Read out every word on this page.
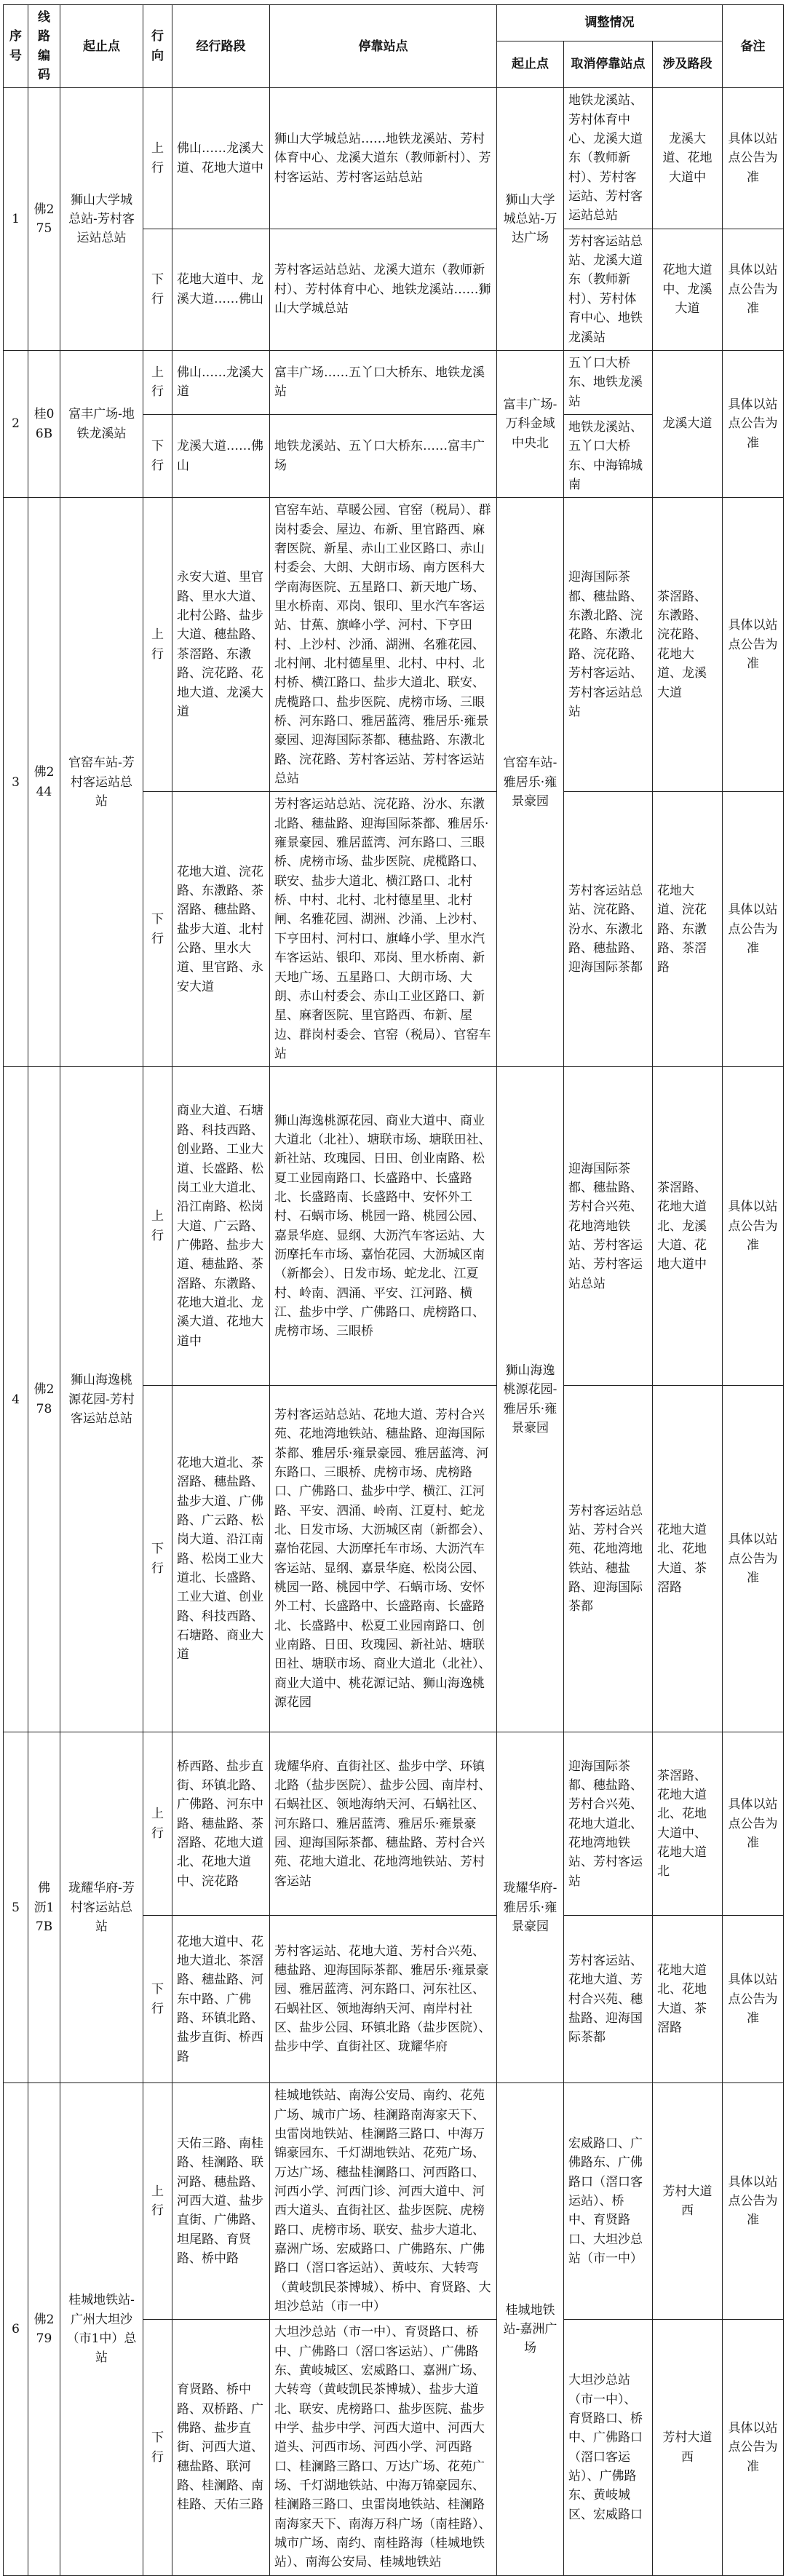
序号	线路编码	起止点	行向	经行路段	停靠站点	调整情况			备注
						起止点	取消停靠站点	涉及路段	
1	佛275	狮山大学城总站-芳村客运站总站	上行	佛山……龙溪大道、花地大道中	狮山大学城总站……地铁龙溪站、芳村体育中心、龙溪大道东（教师新村）、芳村客运站、芳村客运站总站	狮山大学城总站-万达广场	地铁龙溪站、芳村体育中心、龙溪大道东（教师新村）、芳村客运站、芳村客运站总站	龙溪大道、花地大道中	具体以站点公告为准
			下行	花地大道中、龙溪大道……佛山	芳村客运站总站、龙溪大道东（教师新村）、芳村体育中心、地铁龙溪站……狮山大学城总站		芳村客运站总站、龙溪大道东（教师新村）、芳村体育中心、地铁龙溪站	花地大道中、龙溪大道	具体以站点公告为准
2	桂06B	富丰广场-地铁龙溪站	上行	佛山……龙溪大道	富丰广场……五丫口大桥东、地铁龙溪站	富丰广场-万科金域中央北	五丫口大桥东、地铁龙溪站	龙溪大道	具体以站点公告为准
			下行	龙溪大道……佛山	地铁龙溪站、五丫口大桥东……富丰广场		地铁龙溪站、五丫口大桥东、中海锦城南		
3	佛244	官窑车站-芳村客运站总站	上行	永安大道、里官路、里水大道、北村公路、盐步大道、穗盐路、茶滘路、东漖路、浣花路、花地大道、龙溪大道	官窑车站、草暖公园、官窑（税局）、群岗村委会、屋边、布新、里官路西、麻奢医院、新星、赤山工业区路口、赤山村委会、大朗、大朗市场、南方医科大学南海医院、五星路口、新天地广场、里水桥南、邓岗、银印、里水汽车客运站、甘蕉、旗峰小学、河村、下亨田村、上沙村、沙涌、湖洲、名雅花园、北村闸、北村德星里、北村、中村、北村桥、横江路口、盐步大道北、联安、虎榄路口、盐步医院、虎榜市场、三眼桥、河东路口、雅居蓝湾、雅居乐·雍景豪园、迎海国际茶都、穗盐路、东漖北路、浣花路、芳村客运站、芳村客运站总站	官窑车站-雅居乐·雍景豪园	迎海国际茶都、穗盐路、东漖北路、浣花路、东漖北路、浣花路、芳村客运站、芳村客运站总站	茶滘路、东漖路、浣花路、花地大道、龙溪大道	具体以站点公告为准
			下行	花地大道、浣花路、东漖路、茶滘路、穗盐路、盐步大道、北村公路、里水大道、里官路、永安大道	芳村客运站总站、浣花路、汾水、东漖北路、穗盐路、迎海国际茶都、雅居乐·雍景豪园、雅居蓝湾、河东路口、三眼桥、虎榜市场、盐步医院、虎榄路口、联安、盐步大道北、横江路口、北村桥、中村、北村、北村德星里、北村闸、名雅花园、湖洲、沙涌、上沙村、下亨田村、河村口、旗峰小学、里水汽车客运站、银印、邓岗、里水桥南、新天地广场、五星路口、大朗市场、大朗、赤山村委会、赤山工业区路口、新星、麻奢医院、里官路西、布新、屋边、群岗村委会、官窑（税局）、官窑车站		芳村客运站总站、浣花路、汾水、东漖北路、穗盐路、迎海国际茶都	花地大道、浣花路、东漖路、茶滘路	具体以站点公告为准
4	佛278	狮山海逸桃源花园-芳村客运站总站	上行	商业大道、石塘路、科技西路、创业路、工业大道、长盛路、松岗工业大道北、沿江南路、松岗大道、广云路、广佛路、盐步大道、穗盐路、茶滘路、东漖路、花地大道北、龙溪大道、花地大道中	狮山海逸桃源花园、商业大道中、商业大道北（北社）、塘联市场、塘联田社、新社站、玫瑰园、日田、创业南路、松夏工业园南路口、长盛路中、长盛路北、长盛路南、长盛路中、安怀外工村、石蜗市场、桃园一路、桃园公园、嘉景华庭、显纲、大沥汽车客运站、大沥摩托车市场、嘉怡花园、大沥城区南（新都会）、日发市场、蛇龙北、江夏村、岭南、泗涌、平安、江河路、横江、盐步中学、广佛路口、虎榜路口、虎榜市场、三眼桥	狮山海逸桃源花园-雅居乐·雍景豪园	迎海国际茶都、穗盐路、芳村合兴苑、花地湾地铁站、芳村客运站、芳村客运站总站	茶滘路、花地大道北、龙溪大道、花地大道中	具体以站点公告为准
			下行	花地大道北、茶滘路、穗盐路、盐步大道、广佛路、广云路、松岗大道、沿江南路、松岗工业大道北、长盛路、工业大道、创业路、科技西路、石塘路、商业大道	芳村客运站总站、花地大道、芳村合兴苑、花地湾地铁站、穗盐路、迎海国际茶都、雅居乐·雍景豪园、雅居蓝湾、河东路口、三眼桥、虎榜市场、虎榜路口、广佛路口、盐步中学、横江、江河路、平安、泗涌、岭南、江夏村、蛇龙北、日发市场、大沥城区南（新都会）、嘉怡花园、大沥摩托车市场、大沥汽车客运站、显纲、嘉景华庭、松岗公园、桃园一路、桃园中学、石蜗市场、安怀外工村、长盛路中、长盛路南、长盛路北、长盛路中、松夏工业园南路口、创业南路、日田、玫瑰园、新社站、塘联田社、塘联市场、商业大道北（北社）、商业大道中、桃花源记站、狮山海逸桃源花园		芳村客运站总站、芳村合兴苑、花地湾地铁站、穗盐路、迎海国际茶都	花地大道北、花地大道、茶滘路	具体以站点公告为准
5	佛沥17B	珑耀华府-芳村客运站总站	上行	桥西路、盐步直街、环镇北路、广佛路、河东中路、穗盐路、茶滘路、花地大道北、花地大道中、浣花路	珑耀华府、直街社区、盐步中学、环镇北路（盐步医院）、盐步公园、南岸村、石蜗社区、领地海纳天河、石蜗社区、河东路口、雅居蓝湾、雅居乐·雍景豪园、迎海国际茶都、穗盐路、芳村合兴苑、花地大道北、花地湾地铁站、芳村客运站	珑耀华府-雅居乐·雍景豪园	迎海国际茶都、穗盐路、芳村合兴苑、花地大道北、花地湾地铁站、芳村客运站	茶滘路、花地大道北、花地大道中、花地大道北	具体以站点公告为准
			下行	花地大道中、花地大道北、茶滘路、穗盐路、河东中路、广佛路、环镇北路、盐步直街、桥西路	芳村客运站、花地大道、芳村合兴苑、穗盐路、迎海国际茶都、雅居乐·雍景豪园、雅居蓝湾、河东路口、河东社区、石蜗社区、领地海纳天河、南岸村社区、盐步公园、环镇北路（盐步医院）、盐步中学、直街社区、珑耀华府		芳村客运站、花地大道、芳村合兴苑、穗盐路、迎海国际茶都	花地大道北、花地大道、茶滘路	具体以站点公告为准
6	佛279	桂城地铁站-广州大坦沙（市1中）总站	上行	天佑三路、南桂路、桂澜路、联河路、穗盐路、河西大道、盐步直街、广佛路、坦尾路、育贤路、桥中路	桂城地铁站、南海公安局、南约、花苑广场、城市广场、桂澜路南海家天下、虫雷岗地铁站、桂澜路三路口、中海万锦豪园东、千灯湖地铁站、花苑广场、万达广场、穗盐桂澜路口、河西路口、河西小学、河西门诊、河西大道中、河西大道头、直街社区、盐步医院、虎榜路口、虎榜市场、联安、盐步大道北、嘉洲广场、宏威路口、广佛路东、广佛路口（滘口客运站）、黄岐东、大转弯（黄岐凯民茶博城）、桥中、育贤路、大坦沙总站（市一中）	桂城地铁站-嘉洲广场	宏威路口、广佛路东、广佛路口（滘口客运站）、桥中、育贤路口、大坦沙总站（市一中）	芳村大道西	具体以站点公告为准
			下行	育贤路、桥中路、双桥路、广佛路、盐步直街、河西大道、穗盐路、联河路、桂澜路、南桂路、天佑三路	大坦沙总站（市一中）、育贤路口、桥中、广佛路口（滘口客运站）、广佛路东、黄岐城区、宏威路口、嘉洲广场、大转弯（黄岐凯民茶博城）、盐步大道北、联安、虎榜路口、盐步医院、盐步中学、盐步中学、河西大道中、河西大道头、河西市场、河西小学、河西路口、桂澜路三路口、万达广场、花苑广场、千灯湖地铁站、中海万锦豪园东、桂澜路三路口、虫雷岗地铁站、桂澜路南海家天下、南海万科广场（南桂路）、城市广场、南约、南桂路海（桂城地铁站）、南海公安局、桂城地铁站		大坦沙总站（市一中）、育贤路口、桥中、广佛路口（滘口客运站）、广佛路东、黄岐城区、宏威路口	芳村大道西	具体以站点公告为准
